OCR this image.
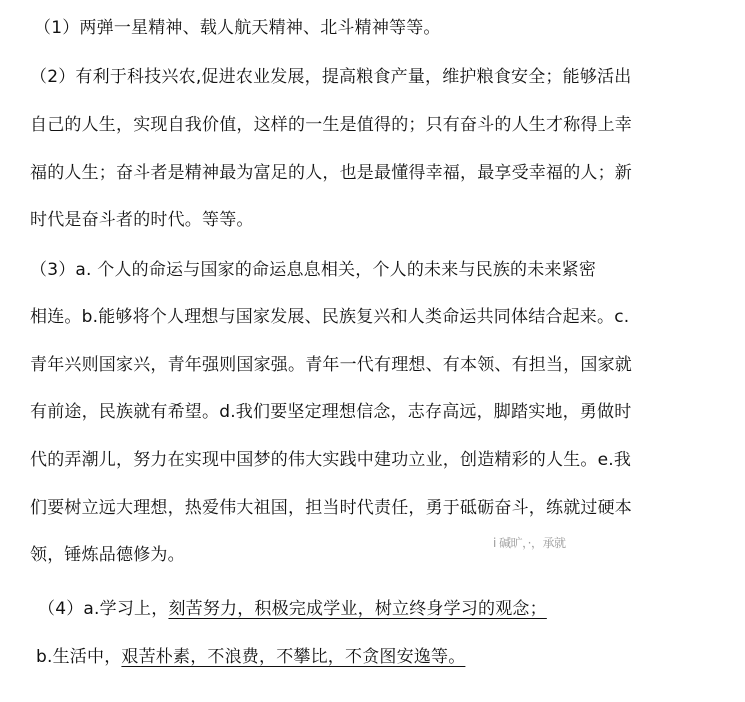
（1）两弹一星精神、载人航天精神、北斗精神等等。
（2）有利于科技兴农,促进农业发展，提高粮食产量，维护粮食安全；能够活出
自己的人生，实现自我价值，这样的一生是值得的；只有奋斗的人生才称得上幸
福的人生；奋斗者是精神最为富足的人，也是最懂得幸福，最享受幸福的人；新
时代是奋斗者的时代。等等。
（3）a. 个人的命运与国家的命运息息相关，个人的未来与民族的未来紧密
相连。b.能够将个人理想与国家发展、民族复兴和人类命运共同体结合起来。c.
青年兴则国家兴，青年强则国家强。青年一代有理想、有本领、有担当，国家就
有前途，民族就有希望。d.我们要坚定理想信念，志存高远，脚踏实地，勇做时
代的弄潮儿，努力在实现中国梦的伟大实践中建功立业，创造精彩的人生。e.我
们要树立远大理想，热爱伟大祖国，担当时代责任，勇于砥砺奋斗，练就过硬本
领，锤炼品德修为。
i 碱旷，·，承就
（4）a.学习上，刻苦努力，积极完成学业，树立终身学习的观念；
b.生活中，艰苦朴素，不浪费，不攀比，不贪图安逸等。
